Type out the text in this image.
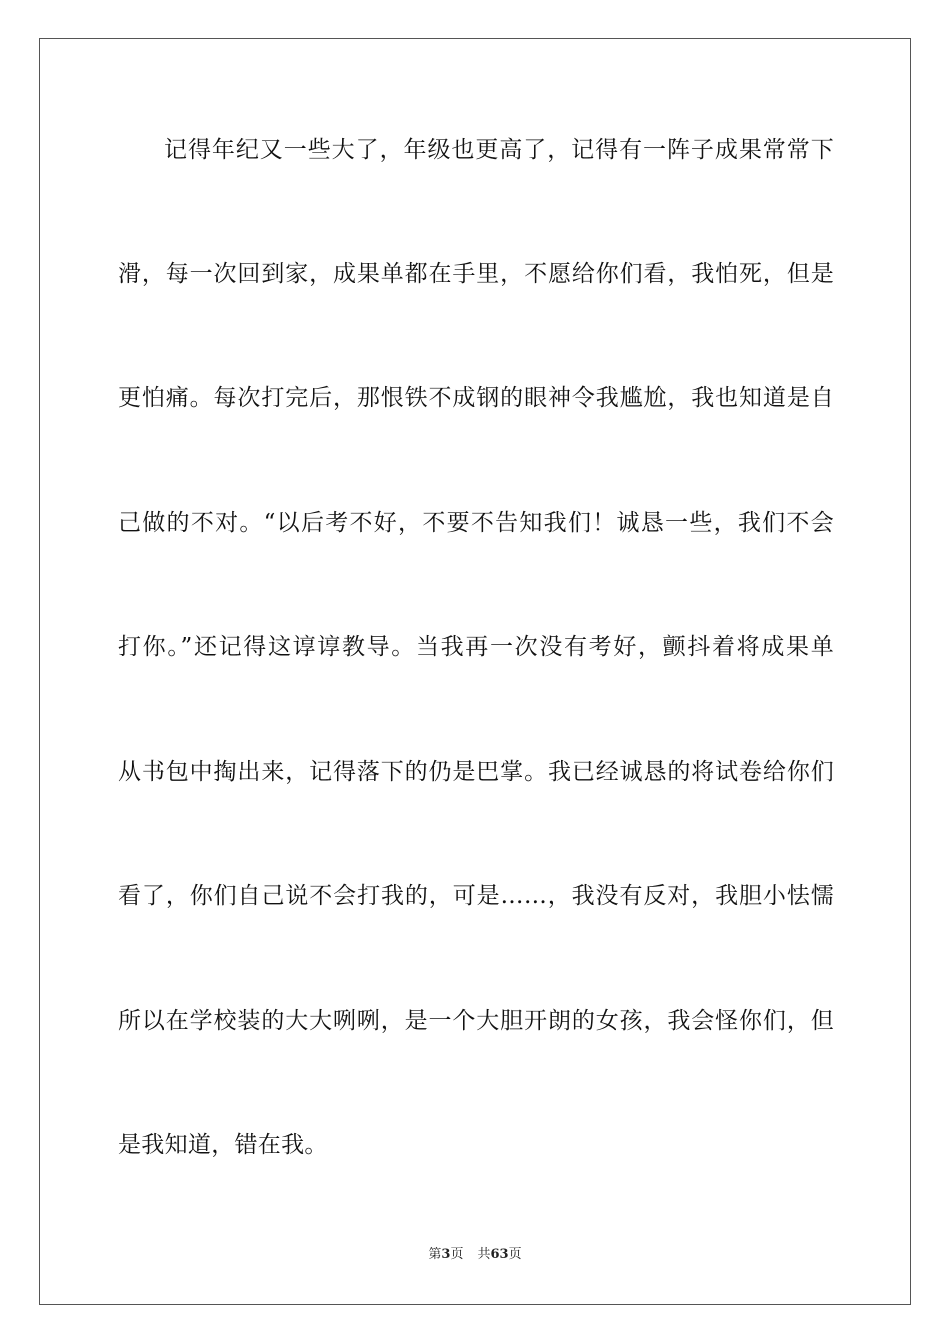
记得年纪又一些大了，年级也更高了，记得有一阵子成果常常下
滑，每一次回到家，成果单都在手里，不愿给你们看，我怕死，但是
更怕痛。每次打完后，那恨铁不成钢的眼神令我尴尬，我也知道是自
己做的不对。“以后考不好，不要不告知我们！诚恳一些，我们不会
打你。”还记得这谆谆教导。当我再一次没有考好，颤抖着将成果单
从书包中掏出来，记得落下的仍是巴掌。我已经诚恳的将试卷给你们
看了，你们自己说不会打我的，可是……，我没有反对，我胆小怯懦
所以在学校装的大大咧咧，是一个大胆开朗的女孩，我会怪你们，但
是我知道，错在我。
第3页 共63页
